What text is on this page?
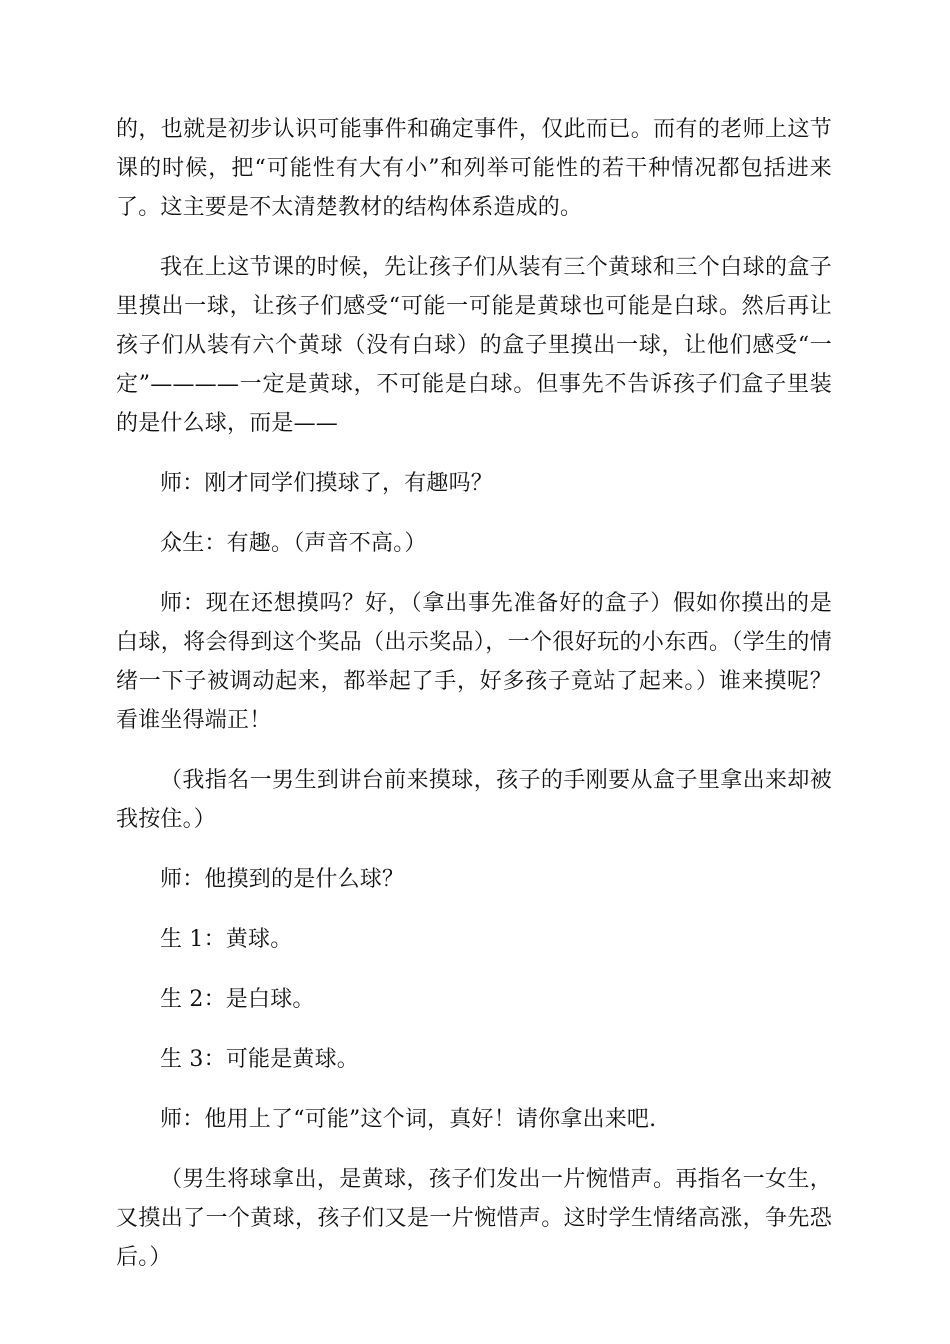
的，也就是初步认识可能事件和确定事件，仅此而已。而有的老师上这节课的时候，把“可能性有大有小”和列举可能性的若干种情况都包括进来了。这主要是不太清楚教材的结构体系造成的。

我在上这节课的时候，先让孩子们从装有三个黄球和三个白球的盒子里摸出一球，让孩子们感受“可能一可能是黄球也可能是白球。然后再让孩子们从装有六个黄球（没有白球）的盒子里摸出一球，让他们感受“一定”————一定是黄球，不可能是白球。但事先不告诉孩子们盒子里装的是什么球，而是——

师：刚才同学们摸球了，有趣吗？

众生：有趣。（声音不高。）

师：现在还想摸吗？好，（拿出事先准备好的盒子）假如你摸出的是白球，将会得到这个奖品（出示奖品），一个很好玩的小东西。（学生的情绪一下子被调动起来，都举起了手，好多孩子竟站了起来。）谁来摸呢？看谁坐得端正！

（我指名一男生到讲台前来摸球，孩子的手刚要从盒子里拿出来却被我按住。）

师：他摸到的是什么球？

生 1：黄球。

生 2：是白球。

生 3：可能是黄球。

师：他用上了“可能”这个词，真好！请你拿出来吧.

（男生将球拿出，是黄球，孩子们发出一片惋惜声。再指名一女生，又摸出了一个黄球，孩子们又是一片惋惜声。这时学生情绪高涨，争先恐后。）
